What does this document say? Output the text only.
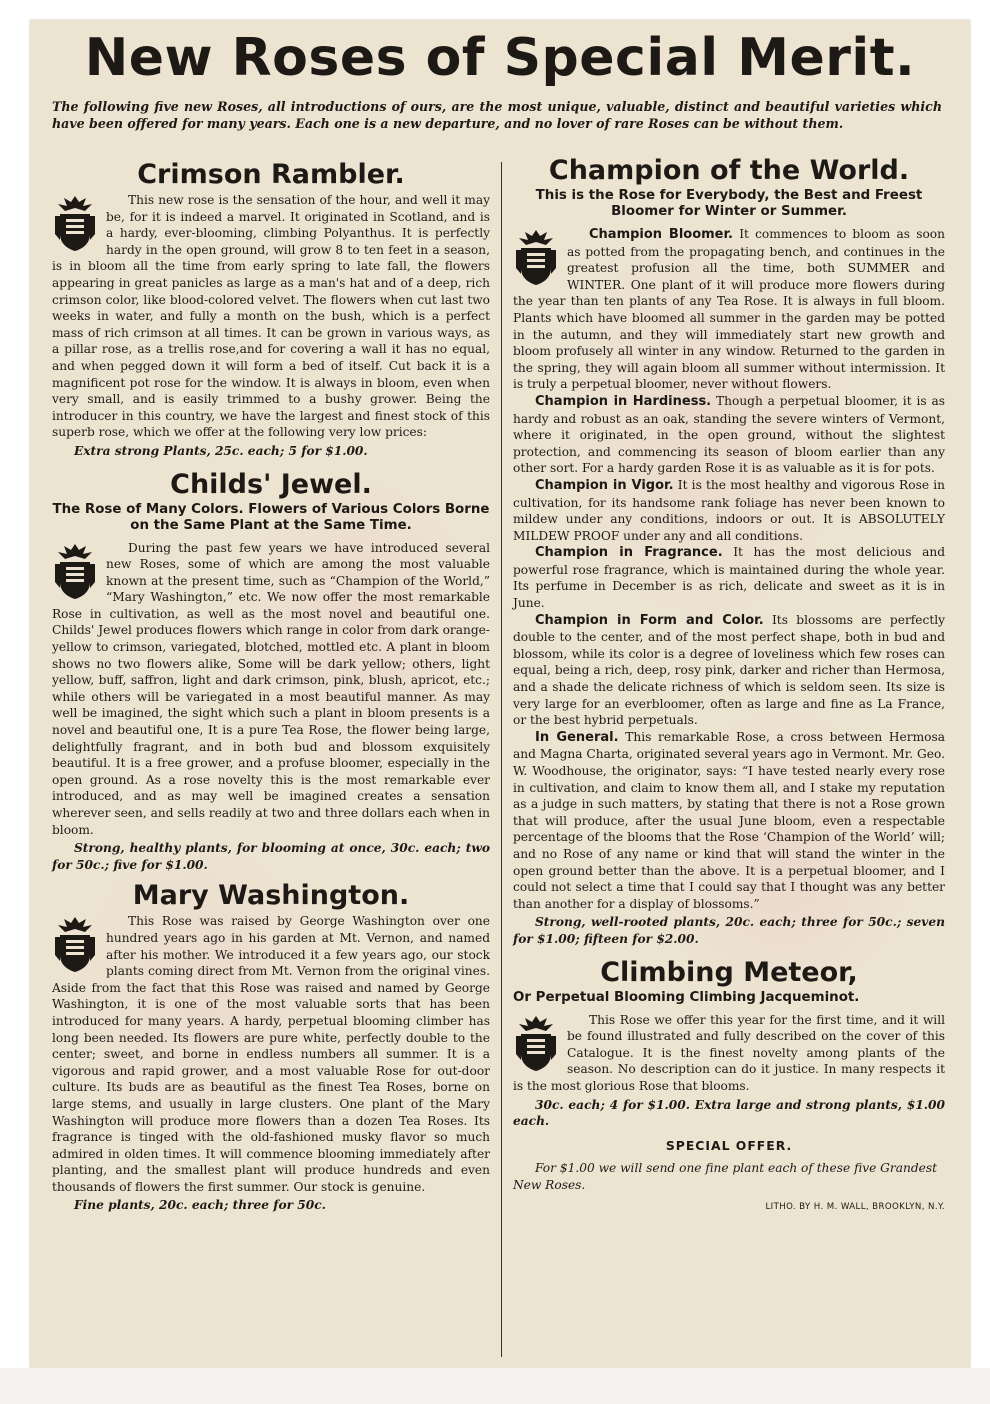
New Roses of Special Merit.

The following five new Roses, all introductions of ours, are the most unique, valuable, distinct and beautiful varieties which have been offered for many years. Each one is a new departure, and no lover of rare Roses can be without them.

Crimson Rambler.

This new rose is the sensation of the hour, and well it may be, for it is indeed a marvel. It originated in Scotland, and is a hardy, ever-blooming, climbing Polyanthus. It is perfectly hardy in the open ground, will grow 8 to ten feet in a season, is in bloom all the time from early spring to late fall, the flowers appearing in great panicles as large as a man's hat and of a deep, rich crimson color, like blood-colored velvet. The flowers when cut last two weeks in water, and fully a month on the bush, which is a perfect mass of rich crimson at all times. It can be grown in various ways, as a pillar rose, as a trellis rose,and for covering a wall it has no equal, and when pegged down it will form a bed of itself. Cut back it is a magnificent pot rose for the window. It is always in bloom, even when very small, and is easily trimmed to a bushy grower. Being the introducer in this country, we have the largest and finest stock of this superb rose, which we offer at the following very low prices:

Extra strong Plants, 25c. each; 5 for $1.00.

Childs' Jewel.

The Rose of Many Colors. Flowers of Various Colors Borne on the Same Plant at the Same Time.

During the past few years we have introduced several new Roses, some of which are among the most valuable known at the present time, such as “Champion of the World,” “Mary Washington,” etc. We now offer the most remarkable Rose in cultivation, as well as the most novel and beautiful one. Childs' Jewel produces flowers which range in color from dark orange-yellow to crimson, variegated, blotched, mottled etc. A plant in bloom shows no two flowers alike, Some will be dark yellow; others, light yellow, buff, saffron, light and dark crimson, pink, blush, apricot, etc.; while others will be variegated in a most beautiful manner. As may well be imagined, the sight which such a plant in bloom presents is a novel and beautiful one, It is a pure Tea Rose, the flower being large, delightfully fragrant, and in both bud and blossom exquisitely beautiful. It is a free grower, and a profuse bloomer, especially in the open ground. As a rose novelty this is the most remarkable ever introduced, and as may well be imagined creates a sensation wherever seen, and sells readily at two and three dollars each when in bloom.

Strong, healthy plants, for blooming at once, 30c. each; two for 50c.; five for $1.00.

Mary Washington.

This Rose was raised by George Washington over one hundred years ago in his garden at Mt. Vernon, and named after his mother. We introduced it a few years ago, our stock plants coming direct from Mt. Vernon from the original vines. Aside from the fact that this Rose was raised and named by George Washington, it is one of the most valuable sorts that has been introduced for many years. A hardy, perpetual blooming climber has long been needed. Its flowers are pure white, perfectly double to the center; sweet, and borne in endless numbers all summer. It is a vigorous and rapid grower, and a most valuable Rose for out-door culture. Its buds are as beautiful as the finest Tea Roses, borne on large stems, and usually in large clusters. One plant of the Mary Washington will produce more flowers than a dozen Tea Roses. Its fragrance is tinged with the old-fashioned musky flavor so much admired in olden times. It will commence blooming immediately after planting, and the smallest plant will produce hundreds and even thousands of flowers the first summer. Our stock is genuine.

Fine plants, 20c. each; three for 50c.

Champion of the World.

This is the Rose for Everybody, the Best and Freest Bloomer for Winter or Summer.

Champion Bloomer. It commences to bloom as soon as potted from the propagating bench, and continues in the greatest profusion all the time, both SUMMER and WINTER. One plant of it will produce more flowers during the year than ten plants of any Tea Rose. It is always in full bloom. Plants which have bloomed all summer in the garden may be potted in the autumn, and they will immediately start new growth and bloom profusely all winter in any window. Returned to the garden in the spring, they will again bloom all summer without intermission. It is truly a perpetual bloomer, never without flowers.

Champion in Hardiness. Though a perpetual bloomer, it is as hardy and robust as an oak, standing the severe winters of Vermont, where it originated, in the open ground, without the slightest protection, and commencing its season of bloom earlier than any other sort. For a hardy garden Rose it is as valuable as it is for pots.

Champion in Vigor. It is the most healthy and vigorous Rose in cultivation, for its handsome rank foliage has never been known to mildew under any conditions, indoors or out. It is ABSOLUTELY MILDEW PROOF under any and all conditions.

Champion in Fragrance. It has the most delicious and powerful rose fragrance, which is maintained during the whole year. Its perfume in December is as rich, delicate and sweet as it is in June.

Champion in Form and Color. Its blossoms are perfectly double to the center, and of the most perfect shape, both in bud and blossom, while its color is a degree of loveliness which few roses can equal, being a rich, deep, rosy pink, darker and richer than Hermosa, and a shade the delicate richness of which is seldom seen. Its size is very large for an everbloomer, often as large and fine as La France, or the best hybrid perpetuals.

In General. This remarkable Rose, a cross between Hermosa and Magna Charta, originated several years ago in Vermont. Mr. Geo. W. Woodhouse, the originator, says: “I have tested nearly every rose in cultivation, and claim to know them all, and I stake my reputation as a judge in such matters, by stating that there is not a Rose grown that will produce, after the usual June bloom, even a respectable percentage of the blooms that the Rose ‘Champion of the World’ will; and no Rose of any name or kind that will stand the winter in the open ground better than the above. It is a perpetual bloomer, and I could not select a time that I could say that I thought was any better than another for a display of blossoms.”

Strong, well-rooted plants, 20c. each; three for 50c.; seven for $1.00; fifteen for $2.00.

Climbing Meteor,

Or Perpetual Blooming Climbing Jacqueminot.

This Rose we offer this year for the first time, and it will be found illustrated and fully described on the cover of this Catalogue. It is the finest novelty among plants of the season. No description can do it justice. In many respects it is the most glorious Rose that blooms.

30c. each; 4 for $1.00. Extra large and strong plants, $1.00 each.

SPECIAL OFFER.

For $1.00 we will send one fine plant each of these five Grandest New Roses.

LITHO. BY H. M. WALL, BROOKLYN, N.Y.
